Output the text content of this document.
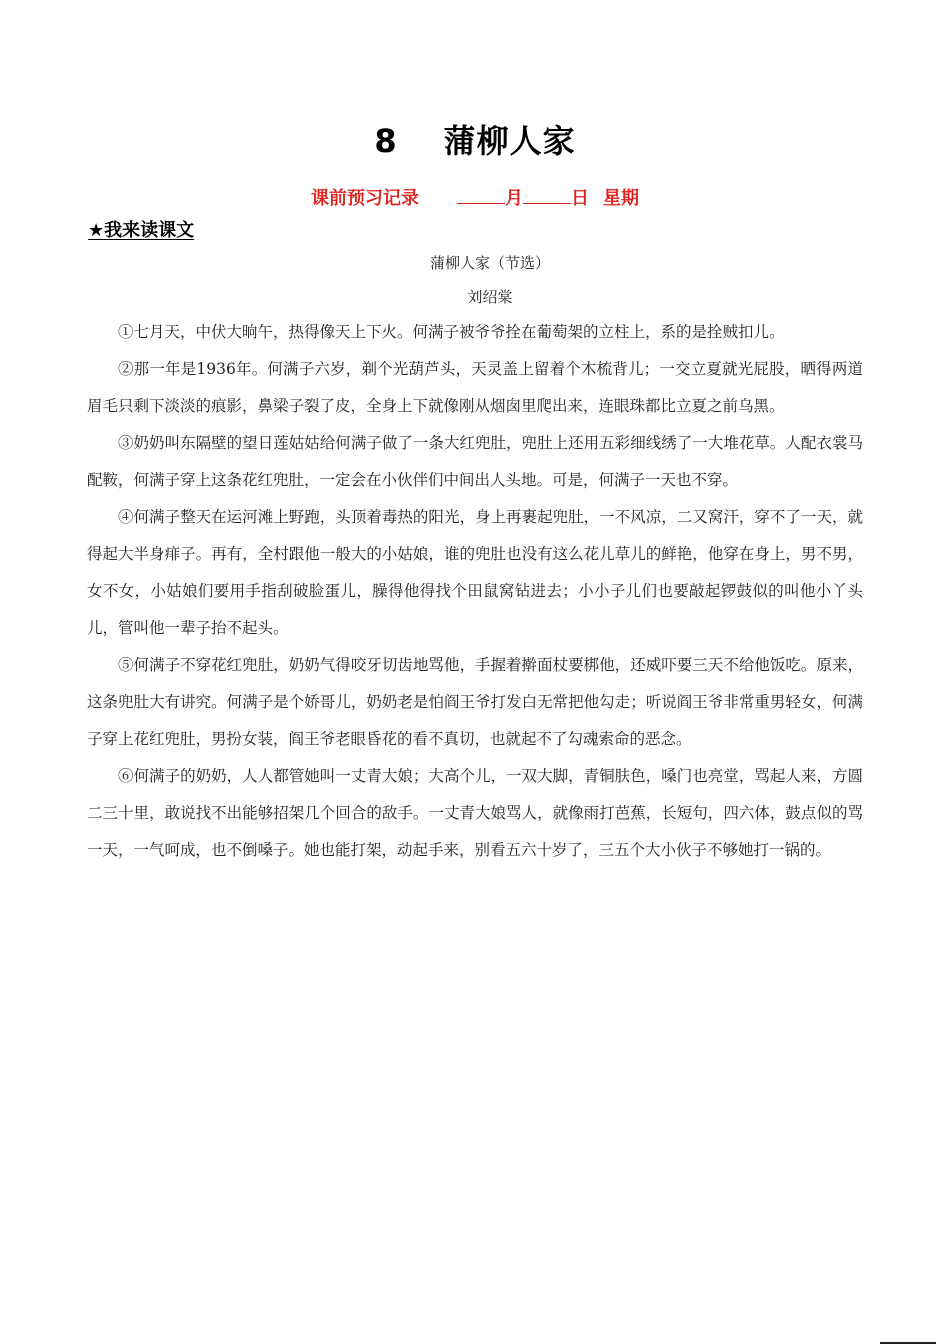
8 蒲柳人家
课前预习记录	月	日 星期
★我来读课文
蒲柳人家（节选）
刘绍棠

①七月天，中伏大晌午，热得像天上下火。何满子被爷爷拴在葡萄架的立柱上，系的是拴贼扣儿。

②那一年是1936年。何满子六岁，剃个光葫芦头，天灵盖上留着个木梳背儿；一交立夏就光屁股，晒得两道眉毛只剩下淡淡的痕影，鼻梁子裂了皮，全身上下就像刚从烟囱里爬出来，连眼珠都比立夏之前乌黑。

③奶奶叫东隔壁的望日莲姑姑给何满子做了一条大红兜肚，兜肚上还用五彩细线绣了一大堆花草。人配衣裳马配鞍，何满子穿上这条花红兜肚，一定会在小伙伴们中间出人头地。可是，何满子一天也不穿。

④何满子整天在运河滩上野跑，头顶着毒热的阳光，身上再裹起兜肚，一不风凉，二又窝汗，穿不了一天，就得起大半身痱子。再有，全村跟他一般大的小姑娘，谁的兜肚也没有这么花儿草儿的鲜艳，他穿在身上，男不男，女不女，小姑娘们要用手指刮破脸蛋儿，臊得他得找个田鼠窝钻进去；小小子儿们也要敲起锣鼓似的叫他小丫头儿，管叫他一辈子抬不起头。

⑤何满子不穿花红兜肚，奶奶气得咬牙切齿地骂他，手握着擀面杖要梆他，还威吓要三天不给他饭吃。原来，这条兜肚大有讲究。何满子是个娇哥儿，奶奶老是怕阎王爷打发白无常把他勾走；听说阎王爷非常重男轻女，何满子穿上花红兜肚，男扮女装，阎王爷老眼昏花的看不真切，也就起不了勾魂索命的恶念。

⑥何满子的奶奶，人人都管她叫一丈青大娘；大高个儿，一双大脚，青铜肤色，嗓门也亮堂，骂起人来，方圆二三十里，敢说找不出能够招架几个回合的敌手。一丈青大娘骂人，就像雨打芭蕉，长短句，四六体，鼓点似的骂一天，一气呵成，也不倒嗓子。她也能打架，动起手来，别看五六十岁了，三五个大小伙子不够她打一锅的。
